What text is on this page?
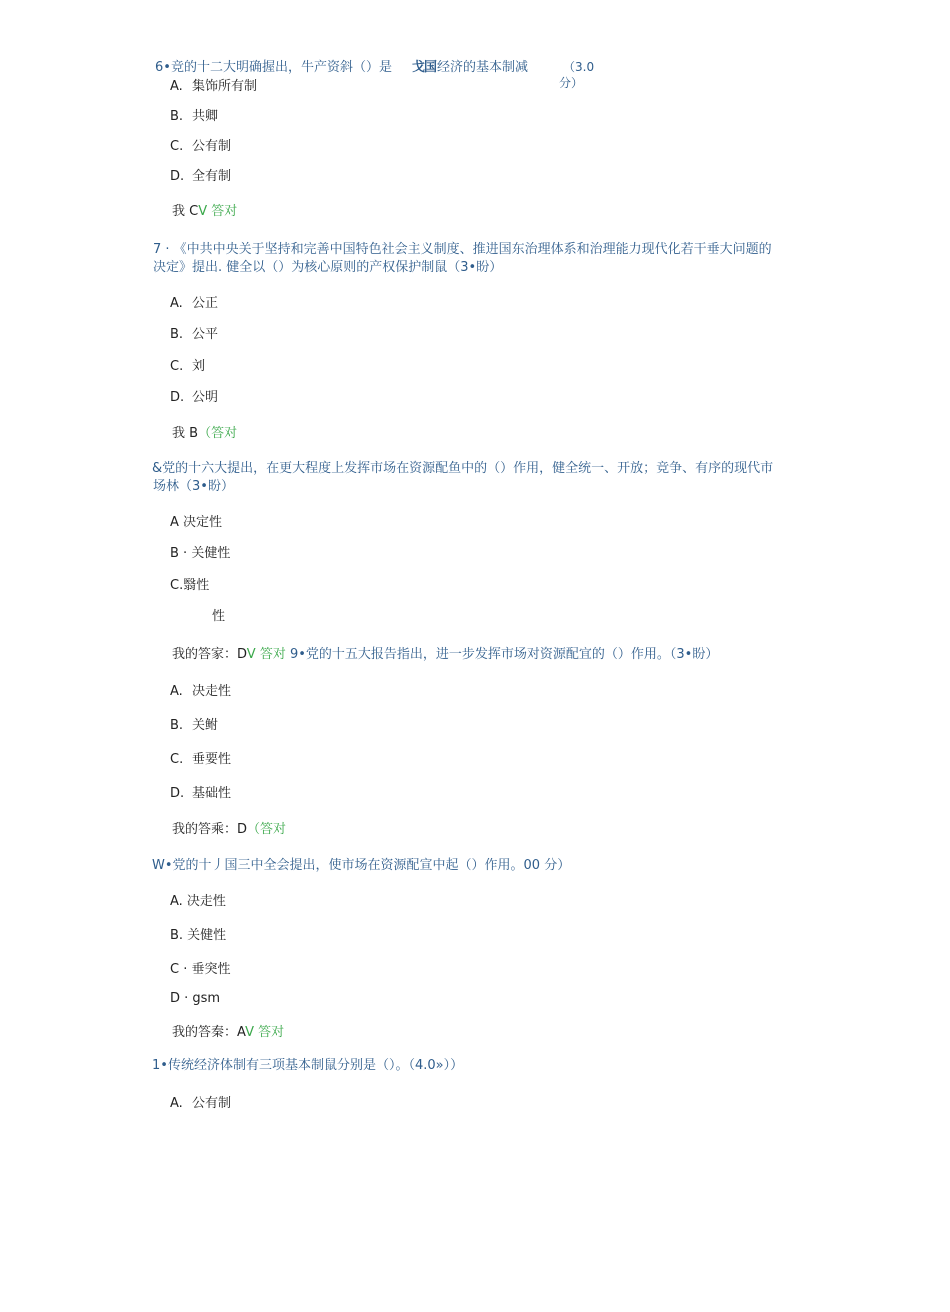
6•竞的十二大明确握出，牛产资斜（）是 戈国 经济的基本制减	（3.0
分）
A. 集饰所有制
B. 共卿
C. 公有制
D. 全有制
我 CV 答对
7 · 《中共中央关于坚持和完善中国特色社会主义制度、推进国东治理体系和治理能力现代化若干垂大问题的
决定》提出. 健全以（）为核心原则的产权保护制鼠（3•盼）
A. 公正
B. 公平
C. 刘
D. 公明
我 B（答对
&党的十六大提出，在更大程度上发挥市场在资源配鱼中的（）作用，健全统一、开放；竞争、有序的现代市
场林（3•盼）
A 决定性
B · 关健性
C.翳性
性
我的答家：DV 答对 9•党的十五大报告指出，进一步发挥市场对资源配宜的（）作用。（3•盼）
A. 决走性
B. 关鲋
C. 垂要性
D. 基础性
我的答乘：D（答对
W•党的十丿国三中全会提出，使市场在资源配宣中起（）作用。00 分）
A. 决走性
B. 关健性
C · 垂突性
D · gsm
我的答秦：AV 答对
1•传统经济体制有三项基本制鼠分别是（）。（4.0»））
A. 公有制
